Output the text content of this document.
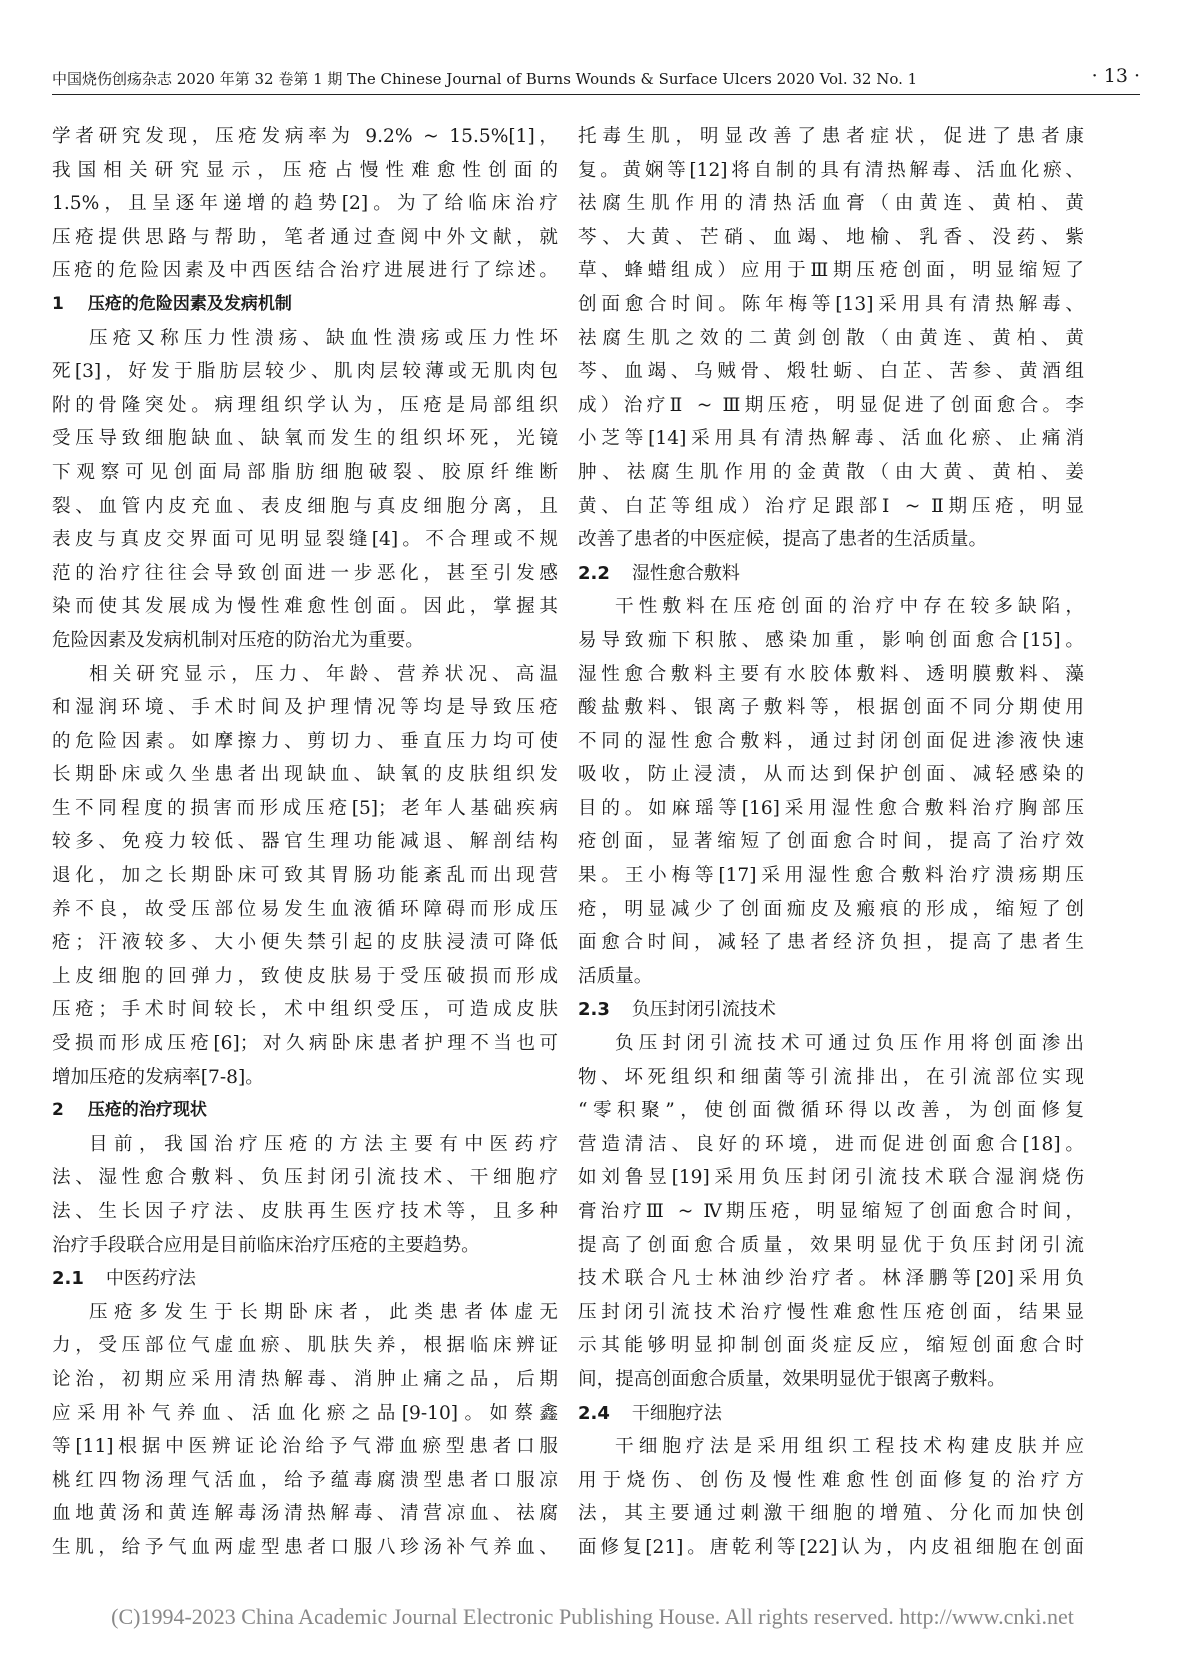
中国烧伤创疡杂志 2020 年第 32 卷第 1 期 The Chinese Journal of Burns Wounds & Surface Ulcers 2020 Vol. 32 No. 1	· 13 ·
学者研究发现，压疮发病率为 9.2% ~ 15.5%[1]，
我国相关研究显示，压疮占慢性难愈性创面的
1.5%，且呈逐年递增的趋势[2]。为了给临床治疗
压疮提供思路与帮助，笔者通过查阅中外文献，就
压疮的危险因素及中西医结合治疗进展进行了综述。
1 压疮的危险因素及发病机制
压疮又称压力性溃疡、缺血性溃疡或压力性坏
死[3]，好发于脂肪层较少、肌肉层较薄或无肌肉包
附的骨隆突处。病理组织学认为，压疮是局部组织
受压导致细胞缺血、缺氧而发生的组织坏死，光镜
下观察可见创面局部脂肪细胞破裂、胶原纤维断
裂、血管内皮充血、表皮细胞与真皮细胞分离，且
表皮与真皮交界面可见明显裂缝[4]。不合理或不规
范的治疗往往会导致创面进一步恶化，甚至引发感
染而使其发展成为慢性难愈性创面。因此，掌握其
危险因素及发病机制对压疮的防治尤为重要。
相关研究显示，压力、年龄、营养状况、高温
和湿润环境、手术时间及护理情况等均是导致压疮
的危险因素。如摩擦力、剪切力、垂直压力均可使
长期卧床或久坐患者出现缺血、缺氧的皮肤组织发
生不同程度的损害而形成压疮[5]；老年人基础疾病
较多、免疫力较低、器官生理功能减退、解剖结构
退化，加之长期卧床可致其胃肠功能紊乱而出现营
养不良，故受压部位易发生血液循环障碍而形成压
疮；汗液较多、大小便失禁引起的皮肤浸渍可降低
上皮细胞的回弹力，致使皮肤易于受压破损而形成
压疮；手术时间较长，术中组织受压，可造成皮肤
受损而形成压疮[6]；对久病卧床患者护理不当也可
增加压疮的发病率[7-8]。
2 压疮的治疗现状
目前，我国治疗压疮的方法主要有中医药疗
法、湿性愈合敷料、负压封闭引流技术、干细胞疗
法、生长因子疗法、皮肤再生医疗技术等，且多种
治疗手段联合应用是目前临床治疗压疮的主要趋势。
2.1 中医药疗法
压疮多发生于长期卧床者，此类患者体虚无
力，受压部位气虚血瘀、肌肤失养，根据临床辨证
论治，初期应采用清热解毒、消肿止痛之品，后期
应采用补气养血、活血化瘀之品[9-10]。如蔡鑫
等[11]根据中医辨证论治给予气滞血瘀型患者口服
桃红四物汤理气活血，给予蕴毒腐溃型患者口服凉
血地黄汤和黄连解毒汤清热解毒、清营凉血、祛腐
生肌，给予气血两虚型患者口服八珍汤补气养血、
托毒生肌，明显改善了患者症状，促进了患者康
复。黄娴等[12]将自制的具有清热解毒、活血化瘀、
祛腐生肌作用的清热活血膏（由黄连、黄柏、黄
芩、大黄、芒硝、血竭、地榆、乳香、没药、紫
草、蜂蜡组成）应用于Ⅲ期压疮创面，明显缩短了
创面愈合时间。陈年梅等[13]采用具有清热解毒、
祛腐生肌之效的二黄剑创散（由黄连、黄柏、黄
芩、血竭、乌贼骨、煅牡蛎、白芷、苦参、黄酒组
成）治疗Ⅱ ~ Ⅲ期压疮，明显促进了创面愈合。李
小芝等[14]采用具有清热解毒、活血化瘀、止痛消
肿、祛腐生肌作用的金黄散（由大黄、黄柏、姜
黄、白芷等组成）治疗足跟部Ⅰ ~ Ⅱ期压疮，明显
改善了患者的中医症候，提高了患者的生活质量。
2.2 湿性愈合敷料
干性敷料在压疮创面的治疗中存在较多缺陷，
易导致痂下积脓、感染加重，影响创面愈合[15]。
湿性愈合敷料主要有水胶体敷料、透明膜敷料、藻
酸盐敷料、银离子敷料等，根据创面不同分期使用
不同的湿性愈合敷料，通过封闭创面促进渗液快速
吸收，防止浸渍，从而达到保护创面、减轻感染的
目的。如麻瑶等[16]采用湿性愈合敷料治疗胸部压
疮创面，显著缩短了创面愈合时间，提高了治疗效
果。王小梅等[17]采用湿性愈合敷料治疗溃疡期压
疮，明显减少了创面痂皮及瘢痕的形成，缩短了创
面愈合时间，减轻了患者经济负担，提高了患者生
活质量。
2.3 负压封闭引流技术
负压封闭引流技术可通过负压作用将创面渗出
物、坏死组织和细菌等引流排出，在引流部位实现
“零积聚”，使创面微循环得以改善，为创面修复
营造清洁、良好的环境，进而促进创面愈合[18]。
如刘鲁昱[19]采用负压封闭引流技术联合湿润烧伤
膏治疗Ⅲ ~ Ⅳ期压疮，明显缩短了创面愈合时间，
提高了创面愈合质量，效果明显优于负压封闭引流
技术联合凡士林油纱治疗者。林泽鹏等[20]采用负
压封闭引流技术治疗慢性难愈性压疮创面，结果显
示其能够明显抑制创面炎症反应，缩短创面愈合时
间，提高创面愈合质量，效果明显优于银离子敷料。
2.4 干细胞疗法
干细胞疗法是采用组织工程技术构建皮肤并应
用于烧伤、创伤及慢性难愈性创面修复的治疗方
法，其主要通过刺激干细胞的增殖、分化而加快创
面修复[21]。唐乾利等[22]认为，内皮祖细胞在创面
(C)1994-2023 China Academic Journal Electronic Publishing House. All rights reserved. http://www.cnki.net
